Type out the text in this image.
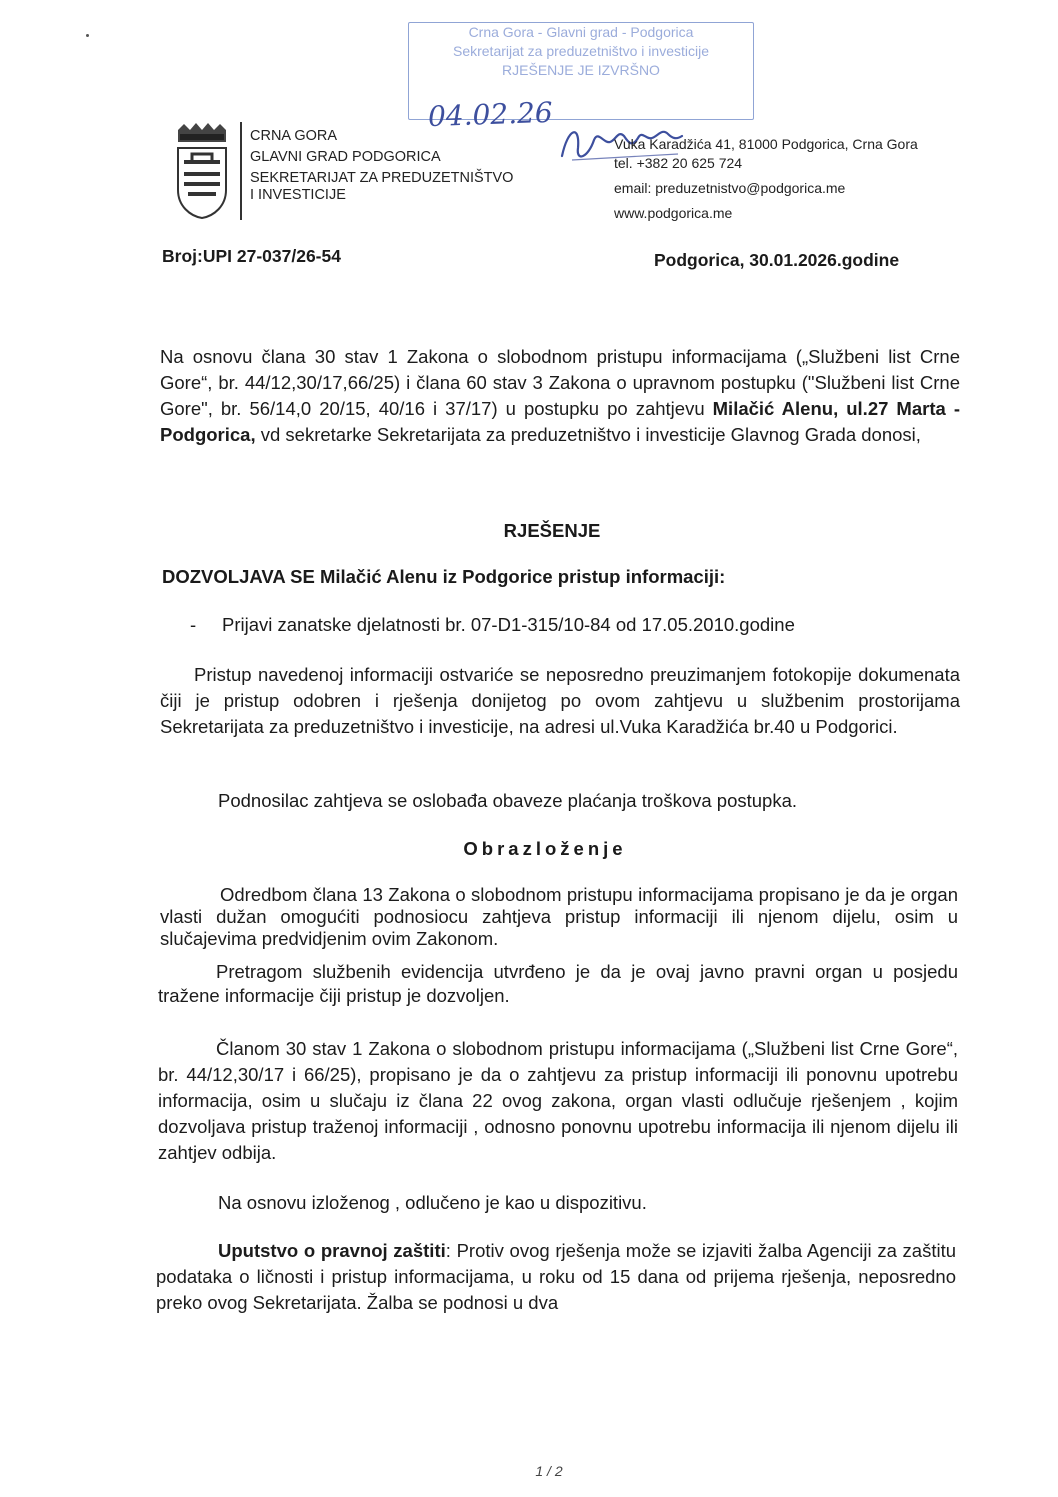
Crna Gora - Glavni grad - Podgorica
Sekretarijat za preduzetništvo i investicije
RJEŠENJE JE IZVRŠNO
04.02.26
CRNA GORA
GLAVNI GRAD PODGORICA
SEKRETARIJAT ZA PREDUZETNIŠTVO
I INVESTICIJE
Vuka Karadžića 41, 81000 Podgorica, Crna Gora
tel. +382 20 625 724
email: preduzetnistvo@podgorica.me
www.podgorica.me
Broj:UPI 27-037/26-54	Podgorica, 30.01.2026.godine
Na osnovu člana 30 stav 1 Zakona o slobodnom pristupu informacijama („Službeni list Crne Gore“, br. 44/12,30/17,66/25) i člana 60 stav 3 Zakona o upravnom postupku ("Službeni list Crne Gore", br. 56/14,0 20/15, 40/16 i 37/17) u postupku po zahtjevu Milačić Alenu, ul.27 Marta - Podgorica, vd sekretarke Sekretarijata za preduzetništvo i investicije Glavnog Grada donosi,
RJEŠENJE
DOZVOLJAVA SE Milačić Alenu iz Podgorice pristup informaciji:
- Prijavi zanatske djelatnosti br. 07-D1-315/10-84 od 17.05.2010.godine
Pristup navedenoj informaciji ostvariće se neposredno preuzimanjem fotokopije dokumenata čiji je pristup odobren i rješenja donijetog po ovom zahtjevu u službenim prostorijama Sekretarijata za preduzetništvo i investicije, na adresi ul.Vuka Karadžića br.40 u Podgorici.
Podnosilac zahtjeva se oslobađa obaveze plaćanja troškova postupka.
Obrazloženje
Odredbom člana 13 Zakona o slobodnom pristupu informacijama propisano je da je organ vlasti dužan omogućiti podnosiocu zahtjeva pristup informaciji ili njenom dijelu, osim u slučajevima predvidjenim ovim Zakonom.
Pretragom službenih evidencija utvrđeno je da je ovaj javno pravni organ u posjedu tražene informacije čiji pristup je dozvoljen.
Članom 30 stav 1 Zakona o slobodnom pristupu informacijama („Službeni list Crne Gore“, br. 44/12,30/17 i 66/25), propisano je da o zahtjevu za pristup informaciji ili ponovnu upotrebu informacija, osim u slučaju iz člana 22 ovog zakona, organ vlasti odlučuje rješenjem , kojim dozvoljava pristup traženoj informaciji , odnosno ponovnu upotrebu informacija ili njenom dijelu ili zahtjev odbija.
Na osnovu izloženog , odlučeno je kao u dispozitivu.
Uputstvo o pravnoj zaštiti: Protiv ovog rješenja može se izjaviti žalba Agenciji za zaštitu podataka o ličnosti i pristup informacijama, u roku od 15 dana od prijema rješenja, neposredno preko ovog Sekretarijata. Žalba se podnosi u dva
1 / 2
